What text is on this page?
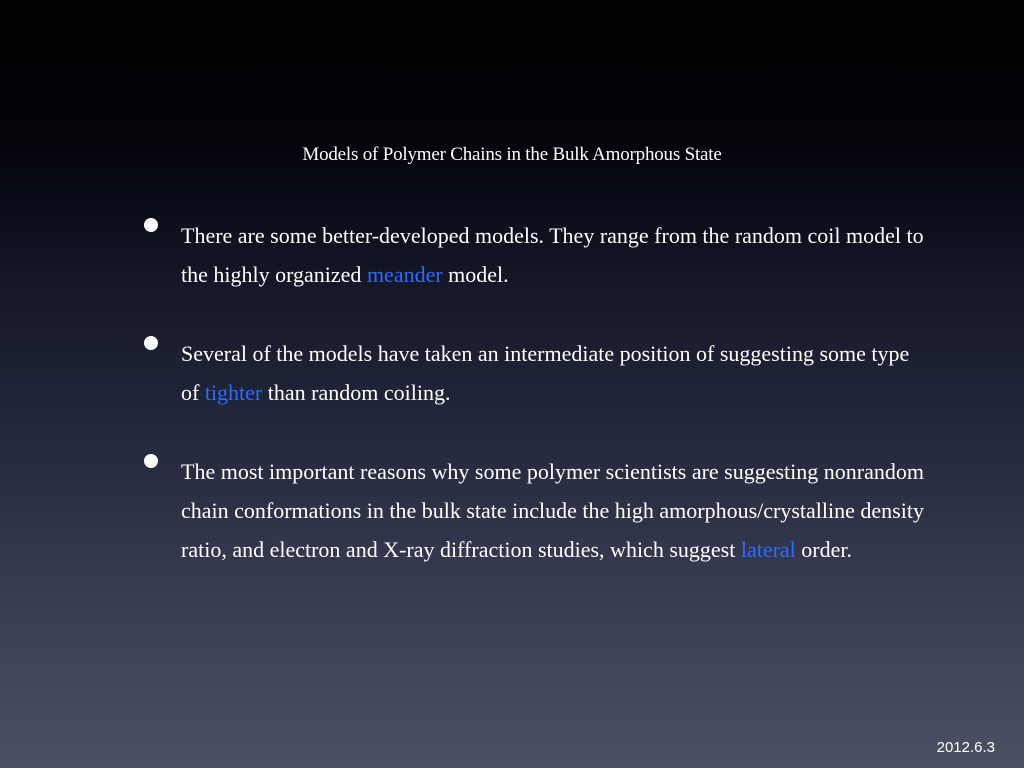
Models of Polymer Chains in the Bulk Amorphous State
There are some better-developed models. They range from the random coil model to the highly organized meander model.
Several of the models have taken an intermediate position of suggesting some type of tighter than random coiling.
The most important reasons why some polymer scientists are suggesting nonrandom chain conformations in the bulk state include the high amorphous/crystalline density ratio, and electron and X-ray diffraction studies, which suggest lateral order.
2012.6.3
